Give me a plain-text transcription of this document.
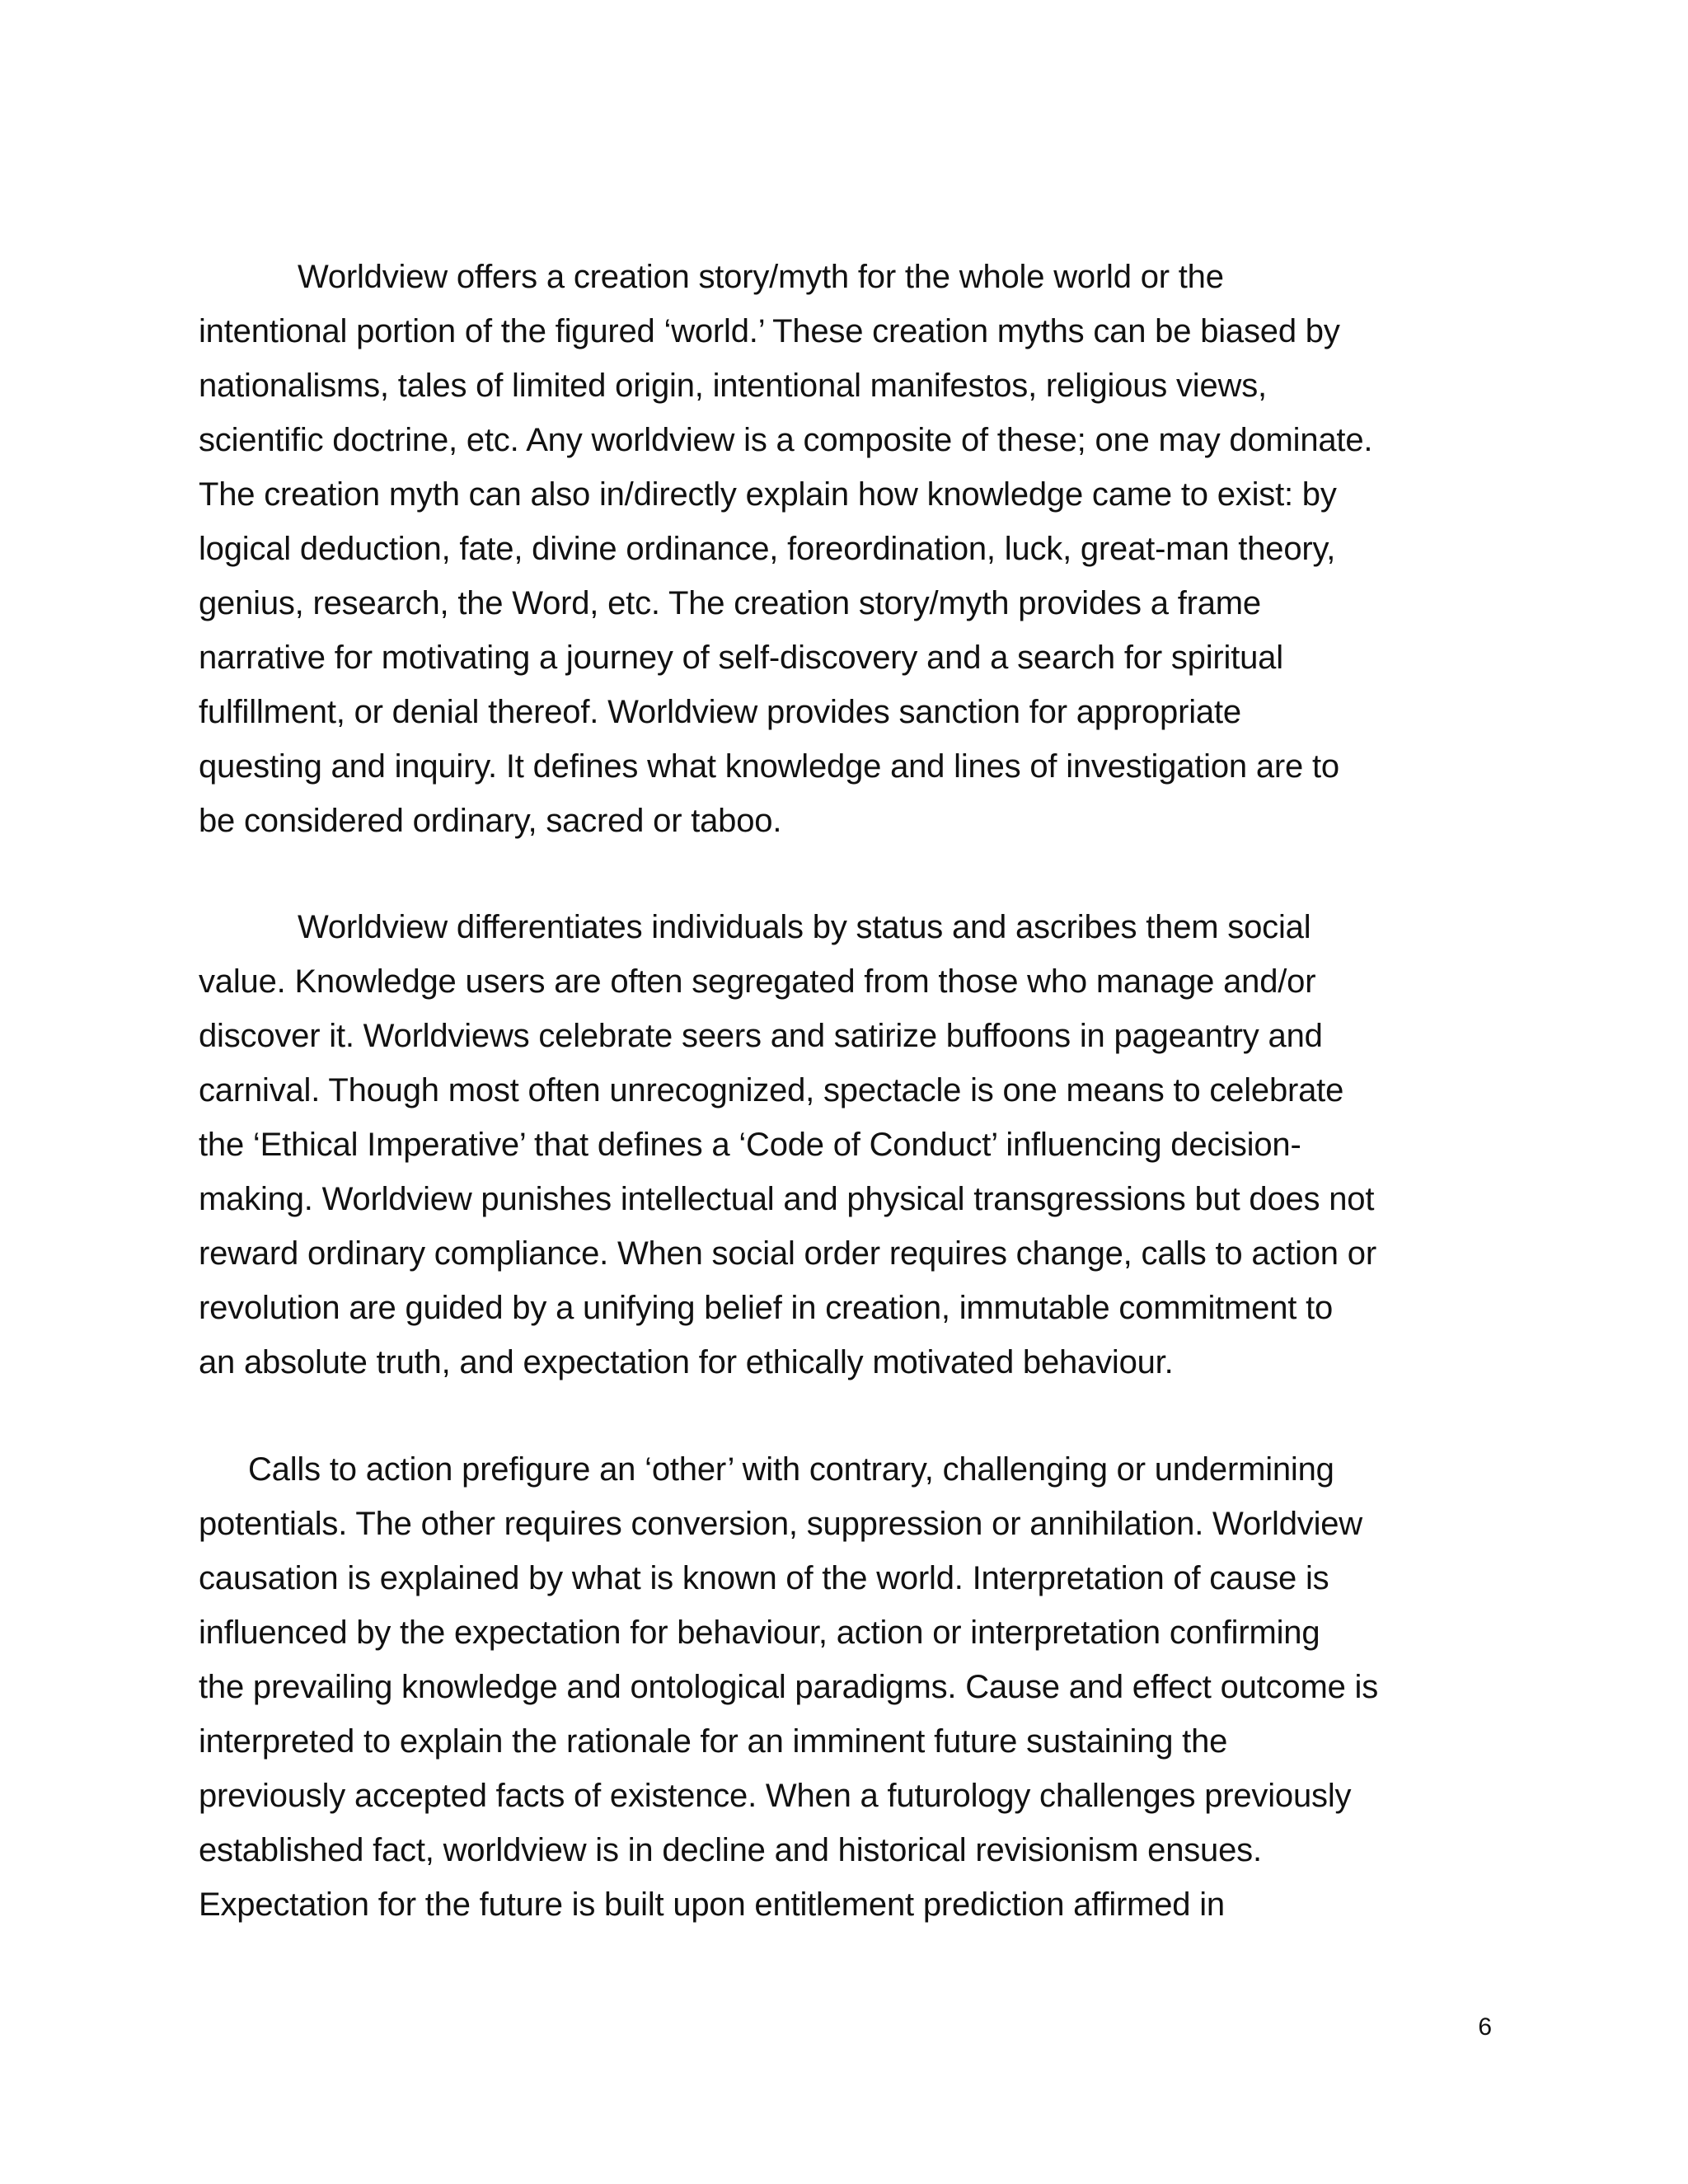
Worldview offers a creation story/myth for the whole world or the
intentional portion of the figured ‘world.’ These creation myths can be biased by
nationalisms, tales of limited origin, intentional manifestos, religious views,
scientific doctrine, etc. Any worldview is a composite of these; one may dominate.
The creation myth can also in/directly explain how knowledge came to exist: by
logical deduction, fate, divine ordinance, foreordination, luck, great-man theory,
genius, research, the Word, etc. The creation story/myth provides a frame
narrative for motivating a journey of self-discovery and a search for spiritual
fulfillment, or denial thereof. Worldview provides sanction for appropriate
questing and inquiry. It defines what knowledge and lines of investigation are to
be considered ordinary, sacred or taboo.

Worldview differentiates individuals by status and ascribes them social
value. Knowledge users are often segregated from those who manage and/or
discover it. Worldviews celebrate seers and satirize buffoons in pageantry and
carnival. Though most often unrecognized, spectacle is one means to celebrate
the ‘Ethical Imperative’ that defines a ‘Code of Conduct’ influencing decision-
making. Worldview punishes intellectual and physical transgressions but does not
reward ordinary compliance. When social order requires change, calls to action or
revolution are guided by a unifying belief in creation, immutable commitment to
an absolute truth, and expectation for ethically motivated behaviour.

Calls to action prefigure an ‘other’ with contrary, challenging or undermining
potentials. The other requires conversion, suppression or annihilation. Worldview
causation is explained by what is known of the world. Interpretation of cause is
influenced by the expectation for behaviour, action or interpretation confirming
the prevailing knowledge and ontological paradigms. Cause and effect outcome is
interpreted to explain the rationale for an imminent future sustaining the
previously accepted facts of existence. When a futurology challenges previously
established fact, worldview is in decline and historical revisionism ensues.
Expectation for the future is built upon entitlement prediction affirmed in

6
